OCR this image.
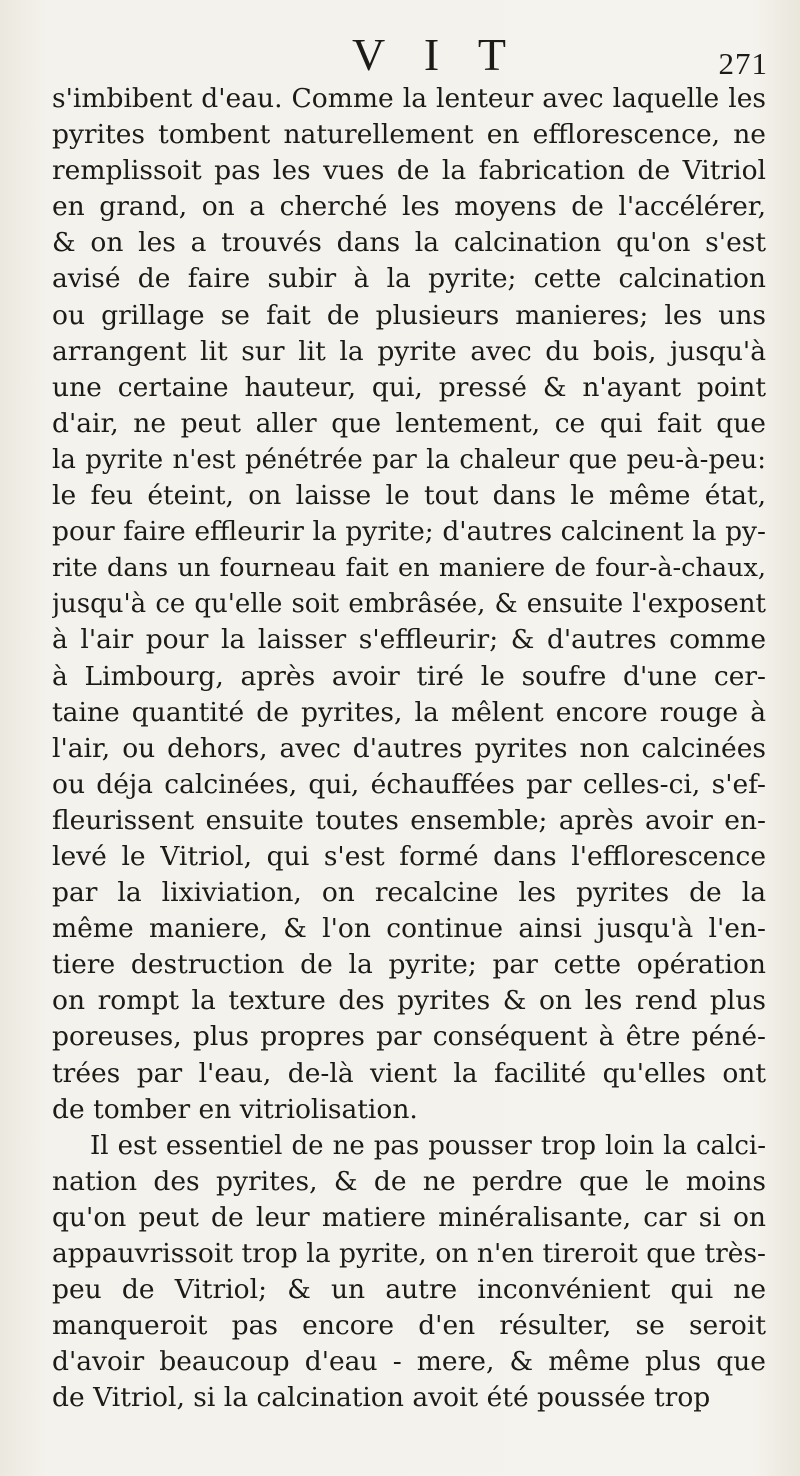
V I T	271
s'imbibent d'eau. Comme la lenteur avec laquelle les
pyrites tombent naturellement en efflorescence, ne
remplissoit pas les vues de la fabrication de Vitriol
en grand, on a cherché les moyens de l'accélérer,
& on les a trouvés dans la calcination qu'on s'est
avisé de faire subir à la pyrite; cette calcination
ou grillage se fait de plusieurs manieres; les uns
arrangent lit sur lit la pyrite avec du bois, jusqu'à
une certaine hauteur, qui, pressé & n'ayant point
d'air, ne peut aller que lentement, ce qui fait que
la pyrite n'est pénétrée par la chaleur que peu-à-peu:
le feu éteint, on laisse le tout dans le même état,
pour faire effleurir la pyrite; d'autres calcinent la py-
rite dans un fourneau fait en maniere de four-à-chaux,
jusqu'à ce qu'elle soit embrâsée, & ensuite l'exposent
à l'air pour la laisser s'effleurir; & d'autres comme
à Limbourg, après avoir tiré le soufre d'une cer-
taine quantité de pyrites, la mêlent encore rouge à
l'air, ou dehors, avec d'autres pyrites non calcinées
ou déja calcinées, qui, échauffées par celles-ci, s'ef-
fleurissent ensuite toutes ensemble; après avoir en-
levé le Vitriol, qui s'est formé dans l'efflorescence
par la lixiviation, on recalcine les pyrites de la
même maniere, & l'on continue ainsi jusqu'à l'en-
tiere destruction de la pyrite; par cette opération
on rompt la texture des pyrites & on les rend plus
poreuses, plus propres par conséquent à être péné-
trées par l'eau, de-là vient la facilité qu'elles ont
de tomber en vitriolisation.
Il est essentiel de ne pas pousser trop loin la calci-
nation des pyrites, & de ne perdre que le moins
qu'on peut de leur matiere minéralisante, car si on
appauvrissoit trop la pyrite, on n'en tireroit que très-
peu de Vitriol; & un autre inconvénient qui ne
manqueroit pas encore d'en résulter, se seroit
d'avoir beaucoup d'eau - mere, & même plus que
de Vitriol, si la calcination avoit été poussée trop
